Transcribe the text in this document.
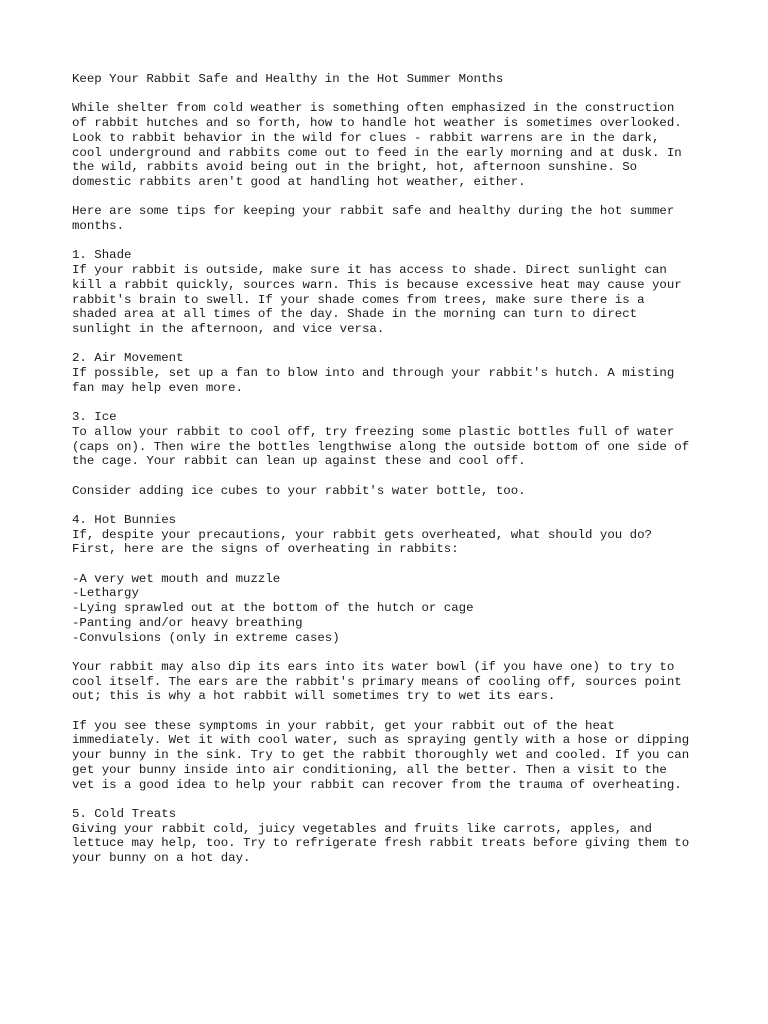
Keep Your Rabbit Safe and Healthy in the Hot Summer Months
While shelter from cold weather is something often emphasized in the construction
of rabbit hutches and so forth, how to handle hot weather is sometimes overlooked.
Look to rabbit behavior in the wild for clues - rabbit warrens are in the dark,
cool underground and rabbits come out to feed in the early morning and at dusk. In
the wild, rabbits avoid being out in the bright, hot, afternoon sunshine. So
domestic rabbits aren't good at handling hot weather, either.
Here are some tips for keeping your rabbit safe and healthy during the hot summer
months.
1. Shade
If your rabbit is outside, make sure it has access to shade. Direct sunlight can
kill a rabbit quickly, sources warn. This is because excessive heat may cause your
rabbit's brain to swell. If your shade comes from trees, make sure there is a
shaded area at all times of the day. Shade in the morning can turn to direct
sunlight in the afternoon, and vice versa.
2. Air Movement
If possible, set up a fan to blow into and through your rabbit's hutch. A misting
fan may help even more.
3. Ice
To allow your rabbit to cool off, try freezing some plastic bottles full of water
(caps on). Then wire the bottles lengthwise along the outside bottom of one side of
the cage. Your rabbit can lean up against these and cool off.
Consider adding ice cubes to your rabbit's water bottle, too.
4. Hot Bunnies
If, despite your precautions, your rabbit gets overheated, what should you do?
First, here are the signs of overheating in rabbits:
-A very wet mouth and muzzle
-Lethargy
-Lying sprawled out at the bottom of the hutch or cage
-Panting and/or heavy breathing
-Convulsions (only in extreme cases)
Your rabbit may also dip its ears into its water bowl (if you have one) to try to
cool itself. The ears are the rabbit's primary means of cooling off, sources point
out; this is why a hot rabbit will sometimes try to wet its ears.
If you see these symptoms in your rabbit, get your rabbit out of the heat
immediately. Wet it with cool water, such as spraying gently with a hose or dipping
your bunny in the sink. Try to get the rabbit thoroughly wet and cooled. If you can
get your bunny inside into air conditioning, all the better. Then a visit to the
vet is a good idea to help your rabbit can recover from the trauma of overheating.
5. Cold Treats
Giving your rabbit cold, juicy vegetables and fruits like carrots, apples, and
lettuce may help, too. Try to refrigerate fresh rabbit treats before giving them to
your bunny on a hot day.
